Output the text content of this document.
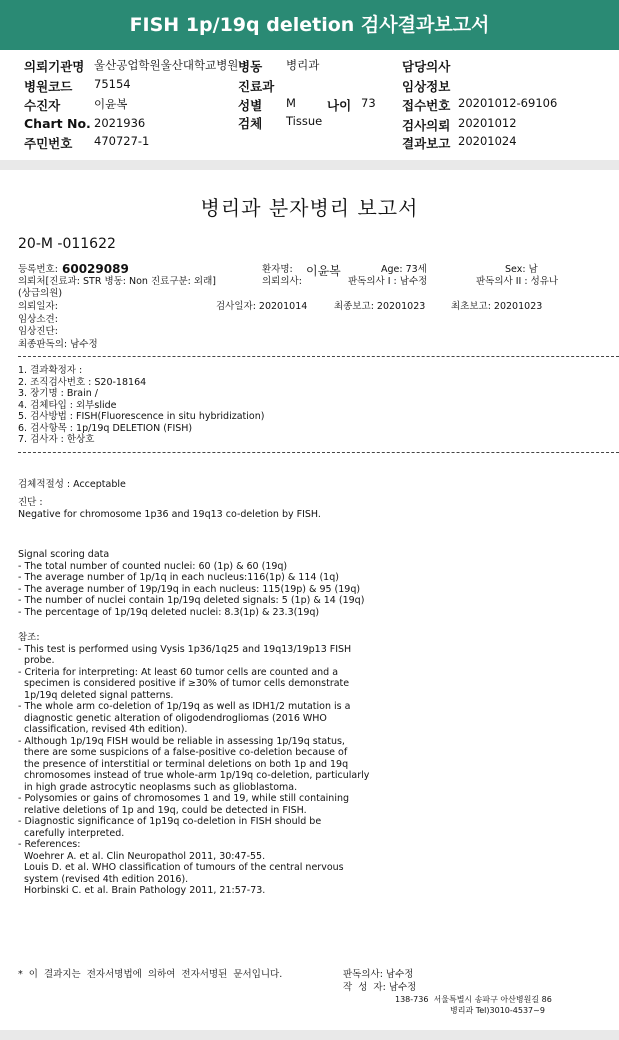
FISH 1p/19q deletion 검사결과보고서
의뢰기관명 울산공업학원울산대학교병원 병동 병리과	담당의사
병원코드 75154	진료과	임상정보
수진자	이윤복	성별 M 나이 73 접수번호 20201012-69106
Chart No. 2021936	검체 Tissue	검사의뢰 20201012
주민번호 470727-1	결과보고 20201024
병리과 분자병리 보고서
20-M -011622
등록번호: 60029089	환자명: 이윤복	Age: 73세	Sex: 남
의뢰처[진료과: STR 병동: Non 진료구분: 외래]	의뢰의사:	판독의사 I : 남수정	판독의사 II : 성유나
(상급의원)
의뢰일자:	검사일자: 20201014	최종보고: 20201023	최초보고: 20201023
임상소견:
임상진단:
최종판독의: 남수정
1. 결과확정자 :
2. 조직검사번호 : S20-18164
3. 장기명 : Brain /
4. 검체타입 : 외부slide
5. 검사방법 : FISH(Fluorescence in situ hybridization)
6. 검사항목 : 1p/19q DELETION (FISH)
7. 검사자 : 한상호
검체적절성 : Acceptable
진단 :
Negative for chromosome 1p36 and 19q13 co-deletion by FISH.
Signal scoring data
- The total number of counted nuclei: 60 (1p) & 60 (19q)
- The average number of 1p/1q in each nucleus:116(1p) & 114 (1q)
- The average number of 19p/19q in each nucleus: 115(19p) & 95 (19q)
- The number of nuclei contain 1p/19q deleted signals: 5 (1p) & 14 (19q)
- The percentage of 1p/19q deleted nuclei: 8.3(1p) & 23.3(19q)
참조:
- This test is performed using Vysis 1p36/1q25 and 19q13/19p13 FISH
probe.
- Criteria for interpreting: At least 60 tumor cells are counted and a
specimen is considered positive if ≥30% of tumor cells demonstrate
1p/19q deleted signal patterns.
- The whole arm co-deletion of 1p/19q as well as IDH1/2 mutation is a
diagnostic genetic alteration of oligodendrogliomas (2016 WHO
classification, revised 4th edition).
- Although 1p/19q FISH would be reliable in assessing 1p/19q status,
there are some suspicions of a false-positive co-deletion because of
the presence of interstitial or terminal deletions on both 1p and 19q
chromosomes instead of true whole-arm 1p/19q co-deletion, particularly
in high grade astrocytic neoplasms such as glioblastoma.
- Polysomies or gains of chromosomes 1 and 19, while still containing
relative deletions of 1p and 19q, could be detected in FISH.
- Diagnostic significance of 1p19q co-deletion in FISH should be
carefully interpreted.
- References:
Woehrer A. et al. Clin Neuropathol 2011, 30:47-55.
Louis D. et al. WHO classification of tumours of the central nervous
system (revised 4th edition 2016).
Horbinski C. et al. Brain Pathology 2011, 21:57-73.
*  이  결과지는  전자서명법에  의하여  전자서명된  문서입니다.	판독의사: 남수정
작  성  자: 남수정
138-736  서울특별시 송파구 아산병원길 86
병리과 Tel)3010-4537~9
